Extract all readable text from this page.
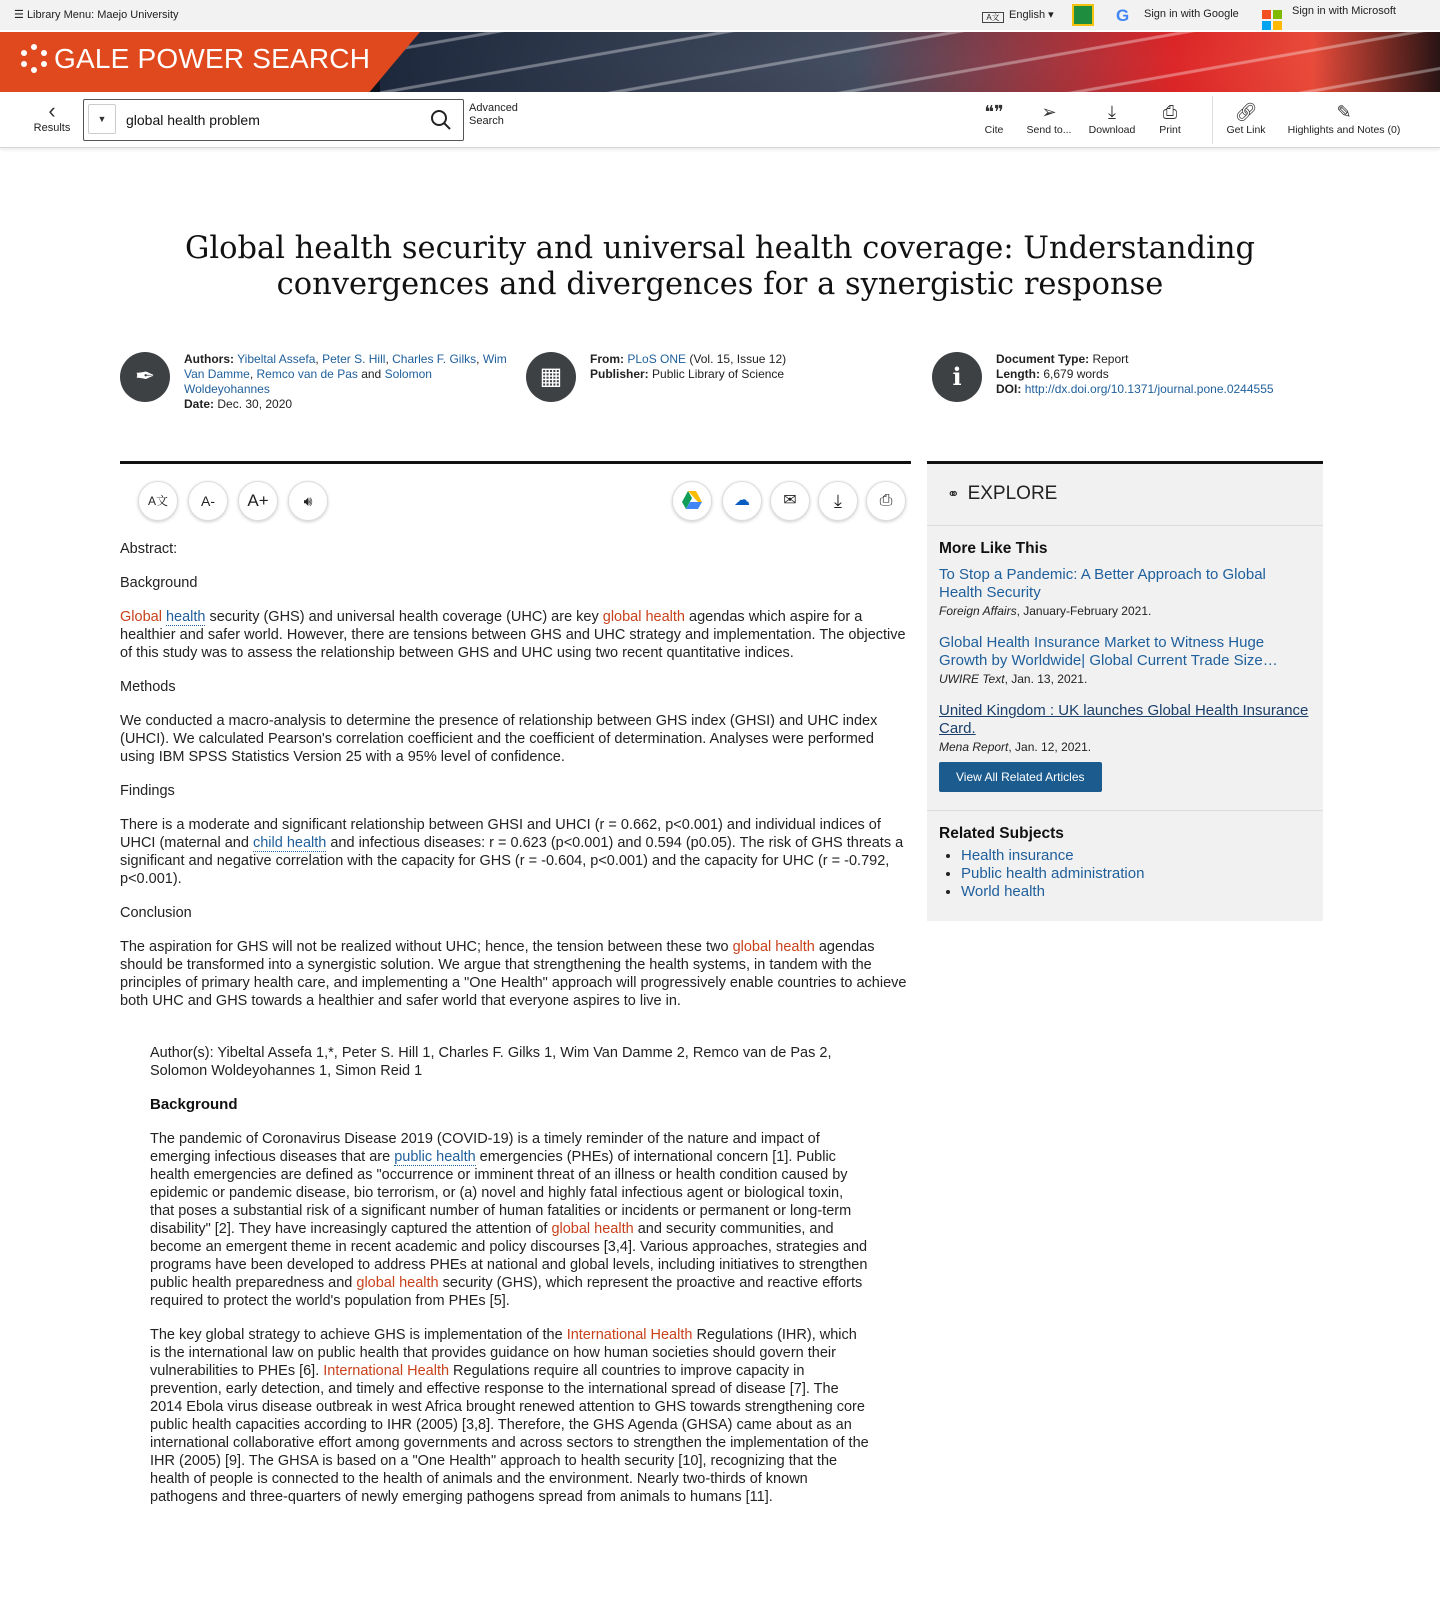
☰ Library Menu: Maejo University	A文 English ▾	G Sign in with Google	Sign in with Microsoft
GALE POWER SEARCH
‹
Results
▼
global health problem
Advanced
Search	❝❞
Cite
➢
Send to...
⤓
Download
⎙
Print
🔗︎
Get Link
✎
Highlights and Notes (0)
Global health security and universal health coverage: Understanding convergences and divergences for a synergistic response
✒
Authors: Yibeltal Assefa, Peter S. Hill, Charles F. Gilks, Wim Van Damme, Remco van de Pas and Solomon Woldeyohannes
Date: Dec. 30, 2020
▦
From: PLoS ONE (Vol. 15, Issue 12)
Publisher: Public Library of Science	i
Document Type: Report
Length: 6,679 words
DOI: http://dx.doi.org/10.1371/journal.pone.0244555
A文	A-	A+	🔊︎	☁	✉	⤓	⎙

Abstract:

Background

Global health security (GHS) and universal health coverage (UHC) are key global health agendas which aspire for a healthier and safer world. However, there are tensions between GHS and UHC strategy and implementation. The objective of this study was to assess the relationship between GHS and UHC using two recent quantitative indices.

Methods

We conducted a macro-analysis to determine the presence of relationship between GHS index (GHSI) and UHC index (UHCI). We calculated Pearson's correlation coefficient and the coefficient of determination. Analyses were performed using IBM SPSS Statistics Version 25 with a 95% level of confidence.

Findings

There is a moderate and significant relationship between GHSI and UHCI (r = 0.662, p<0.001) and individual indices of UHCI (maternal and child health and infectious diseases: r = 0.623 (p<0.001) and 0.594 (p0.05). The risk of GHS threats a significant and negative correlation with the capacity for GHS (r = -0.604, p<0.001) and the capacity for UHC (r = -0.792, p<0.001).

Conclusion

The aspiration for GHS will not be realized without UHC; hence, the tension between these two global health agendas should be transformed into a synergistic solution. We argue that strengthening the health systems, in tandem with the principles of primary health care, and implementing a "One Health" approach will progressively enable countries to achieve both UHC and GHS towards a healthier and safer world that everyone aspires to live in.

Author(s): Yibeltal Assefa 1,*, Peter S. Hill 1, Charles F. Gilks 1, Wim Van Damme 2, Remco van de Pas 2, Solomon Woldeyohannes 1, Simon Reid 1

Background

The pandemic of Coronavirus Disease 2019 (COVID-19) is a timely reminder of the nature and impact of emerging infectious diseases that are public health emergencies (PHEs) of international concern [1]. Public health emergencies are defined as "occurrence or imminent threat of an illness or health condition caused by epidemic or pandemic disease, bio terrorism, or (a) novel and highly fatal infectious agent or biological toxin, that poses a substantial risk of a significant number of human fatalities or incidents or permanent or long-term disability" [2]. They have increasingly captured the attention of global health and security communities, and become an emergent theme in recent academic and policy discourses [3,4]. Various approaches, strategies and programs have been developed to address PHEs at national and global levels, including initiatives to strengthen public health preparedness and global health security (GHS), which represent the proactive and reactive efforts required to protect the world's population from PHEs [5].

The key global strategy to achieve GHS is implementation of the International Health Regulations (IHR), which is the international law on public health that provides guidance on how human societies should govern their vulnerabilities to PHEs [6]. International Health Regulations require all countries to improve capacity in prevention, early detection, and timely and effective response to the international spread of disease [7]. The 2014 Ebola virus disease outbreak in west Africa brought renewed attention to GHS towards strengthening core public health capacities according to IHR (2005) [3,8]. Therefore, the GHS Agenda (GHSA) came about as an international collaborative effort among governments and across sectors to strengthen the implementation of the IHR (2005) [9]. The GHSA is based on a "One Health" approach to health security [10], recognizing that the health of people is connected to the health of animals and the environment. Nearly two-thirds of known pathogens and three-quarters of newly emerging pathogens spread from animals to humans [11].

⚭ EXPLORE
More Like This
To Stop a Pandemic: A Better Approach to Global Health Security
Foreign Affairs, January-February 2021.
Global Health Insurance Market to Witness Huge Growth by Worldwide| Global Current Trade Size…
UWIRE Text, Jan. 13, 2021.
United Kingdom : UK launches Global Health Insurance Card.
Mena Report, Jan. 12, 2021.
View All Related Articles
Related Subjects
• Health insurance
• Public health administration
• World health
